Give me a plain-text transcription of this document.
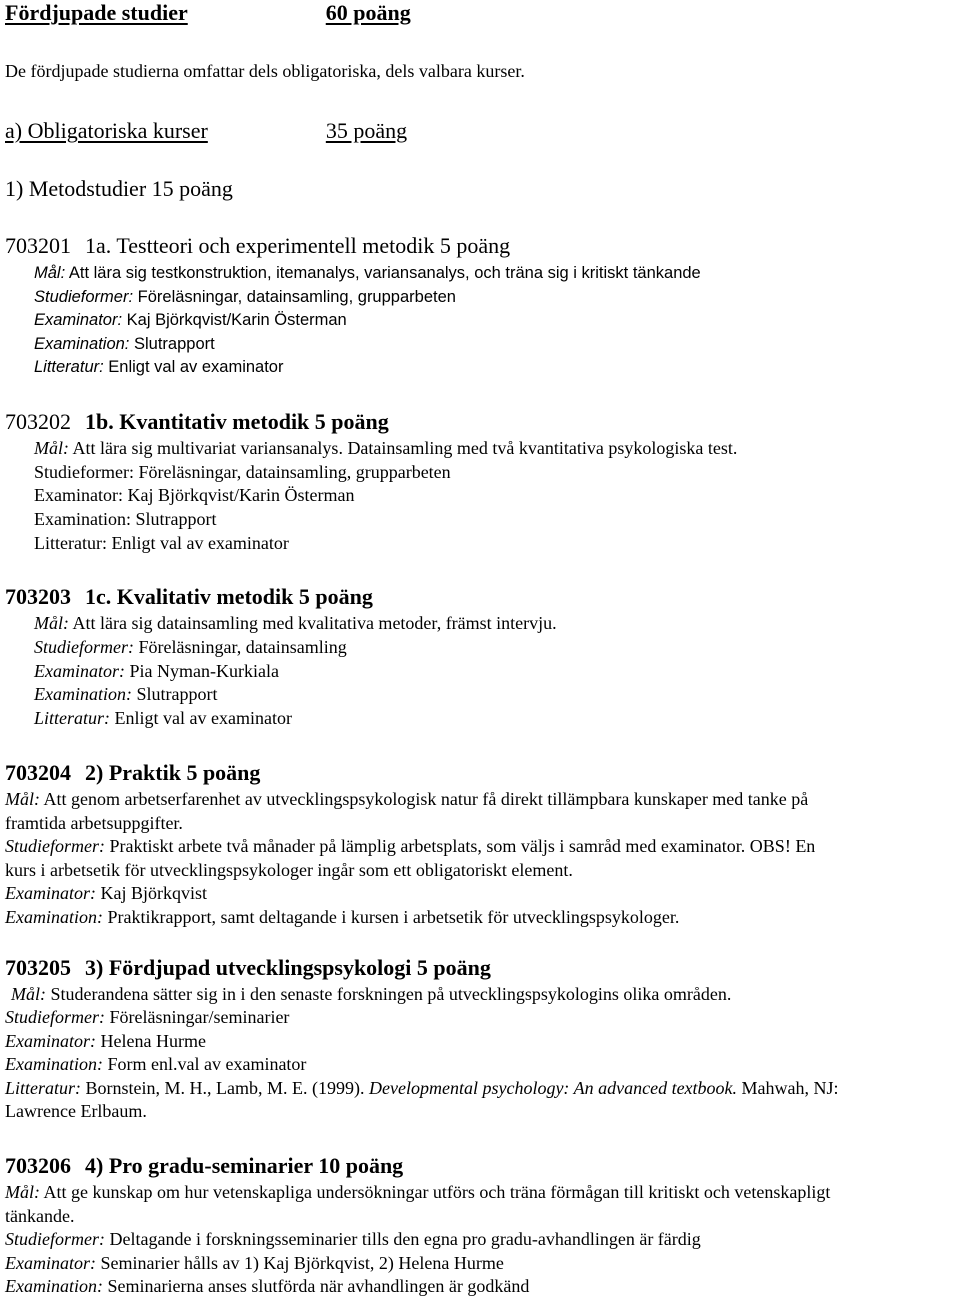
Fördjupade studier	60 poäng
De fördjupade studierna omfattar dels obligatoriska, dels valbara kurser.
a) Obligatoriska kurser	35 poäng
1) Metodstudier 15 poäng
703201 1a. Testteori och experimentell metodik 5 poäng
Mål: Att lära sig testkonstruktion, itemanalys, variansanalys, och träna sig i kritiskt tänkande
Studieformer: Föreläsningar, datainsamling, grupparbeten
Examinator: Kaj Björkqvist/Karin Österman
Examination: Slutrapport
Litteratur: Enligt val av examinator
703202 1b. Kvantitativ metodik 5 poäng
Mål: Att lära sig multivariat variansanalys. Datainsamling med två kvantitativa psykologiska test.
Studieformer: Föreläsningar, datainsamling, grupparbeten
Examinator: Kaj Björkqvist/Karin Österman
Examination: Slutrapport
Litteratur: Enligt val av examinator
703203 1c. Kvalitativ metodik 5 poäng
Mål: Att lära sig datainsamling med kvalitativa metoder, främst intervju.
Studieformer: Föreläsningar, datainsamling
Examinator: Pia Nyman-Kurkiala
Examination: Slutrapport
Litteratur: Enligt val av examinator
703204 2) Praktik 5 poäng
Mål: Att genom arbetserfarenhet av utvecklingspsykologisk natur få direkt tillämpbara kunskaper med tanke på
framtida arbetsuppgifter.
Studieformer: Praktiskt arbete två månader på lämplig arbetsplats, som väljs i samråd med examinator. OBS! En
kurs i arbetsetik för utvecklingspsykologer ingår som ett obligatoriskt element.
Examinator: Kaj Björkqvist
Examination: Praktikrapport, samt deltagande i kursen i arbetsetik för utvecklingspsykologer.
703205 3) Fördjupad utvecklingspsykologi 5 poäng
Mål: Studerandena sätter sig in i den senaste forskningen på utvecklingspsykologins olika områden.
Studieformer: Föreläsningar/seminarier
Examinator: Helena Hurme
Examination: Form enl.val av examinator
Litteratur: Bornstein, M. H., Lamb, M. E. (1999). Developmental psychology: An advanced textbook. Mahwah, NJ:
Lawrence Erlbaum.
703206 4) Pro gradu-seminarier 10 poäng
Mål: Att ge kunskap om hur vetenskapliga undersökningar utförs och träna förmågan till kritiskt och vetenskapligt
tänkande.
Studieformer: Deltagande i forskningsseminarier tills den egna pro gradu-avhandlingen är färdig
Examinator: Seminarier hålls av 1) Kaj Björkqvist, 2) Helena Hurme
Examination: Seminarierna anses slutförda när avhandlingen är godkänd
